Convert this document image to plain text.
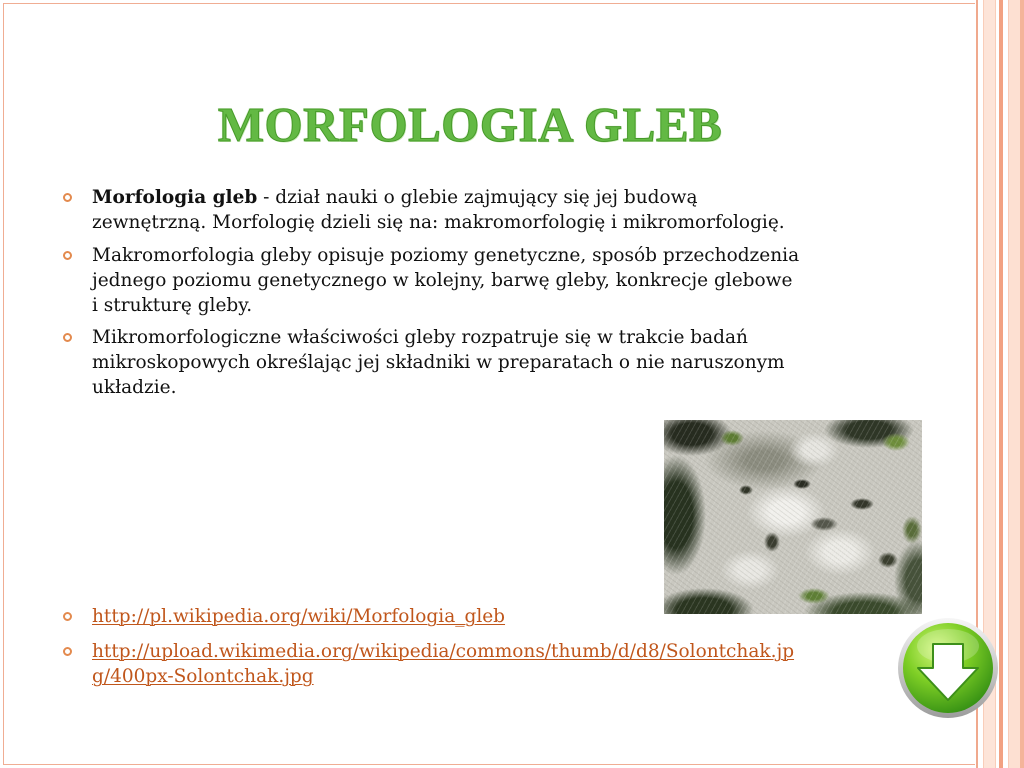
MORFOLOGIA GLEB
Morfologia gleb - dział nauki o glebie zajmujący się jej budową
zewnętrzną. Morfologię dzieli się na: makromorfologię i mikromorfologię.
Makromorfologia gleby opisuje poziomy genetyczne, sposób przechodzenia
jednego poziomu genetycznego w kolejny, barwę gleby, konkrecje glebowe
i strukturę gleby.
Mikromorfologiczne właściwości gleby rozpatruje się w trakcie badań
mikroskopowych określając jej składniki w preparatach o nie naruszonym
układzie.
http://pl.wikipedia.org/wiki/Morfologia_gleb
http://upload.wikimedia.org/wikipedia/commons/thumb/d/d8/Solontchak.jp
g/400px-Solontchak.jpg
